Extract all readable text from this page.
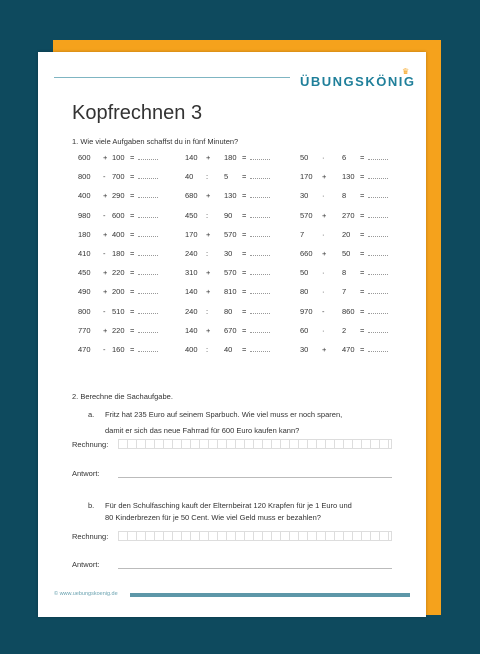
♛
ÜBUNGSKÖNIG
Kopfrechnen 3
1. Wie viele Aufgaben schaffst du in fünf Minuten?
600 + 100 =
800 - 700 =
400 + 290 =
980 - 600 =
180 + 400 =
410 - 180 =
450 + 220 =
490 + 200 =
800 - 510 =
770 + 220 =
470 - 160 =
140 + 180 =
40 : 5 =
680 + 130 =
450 : 90 =
170 + 570 =
240 : 30 =
310 + 570 =
140 + 810 =
240 : 80 =
140 + 670 =
400 : 40 =
50 · 6 =
170 + 130 =
30 · 8 =
570 + 270 =
7 · 20 =
660 + 50 =
50 · 8 =
80 · 7 =
970 - 860 =
60 · 2 =
30 + 470 =
2. Berechne die Sachaufgabe.
a. Fritz hat 235 Euro auf seinem Sparbuch. Wie viel muss er noch sparen,
damit er sich das neue Fahrrad für 600 Euro kaufen kann?
Rechnung:
Antwort:
b. Für den Schulfasching kauft der Elternbeirat 120 Krapfen für je 1 Euro und
80 Kinderbrezen für je 50 Cent. Wie viel Geld muss er bezahlen?
Rechnung:
Antwort:
© www.uebungskoenig.de
